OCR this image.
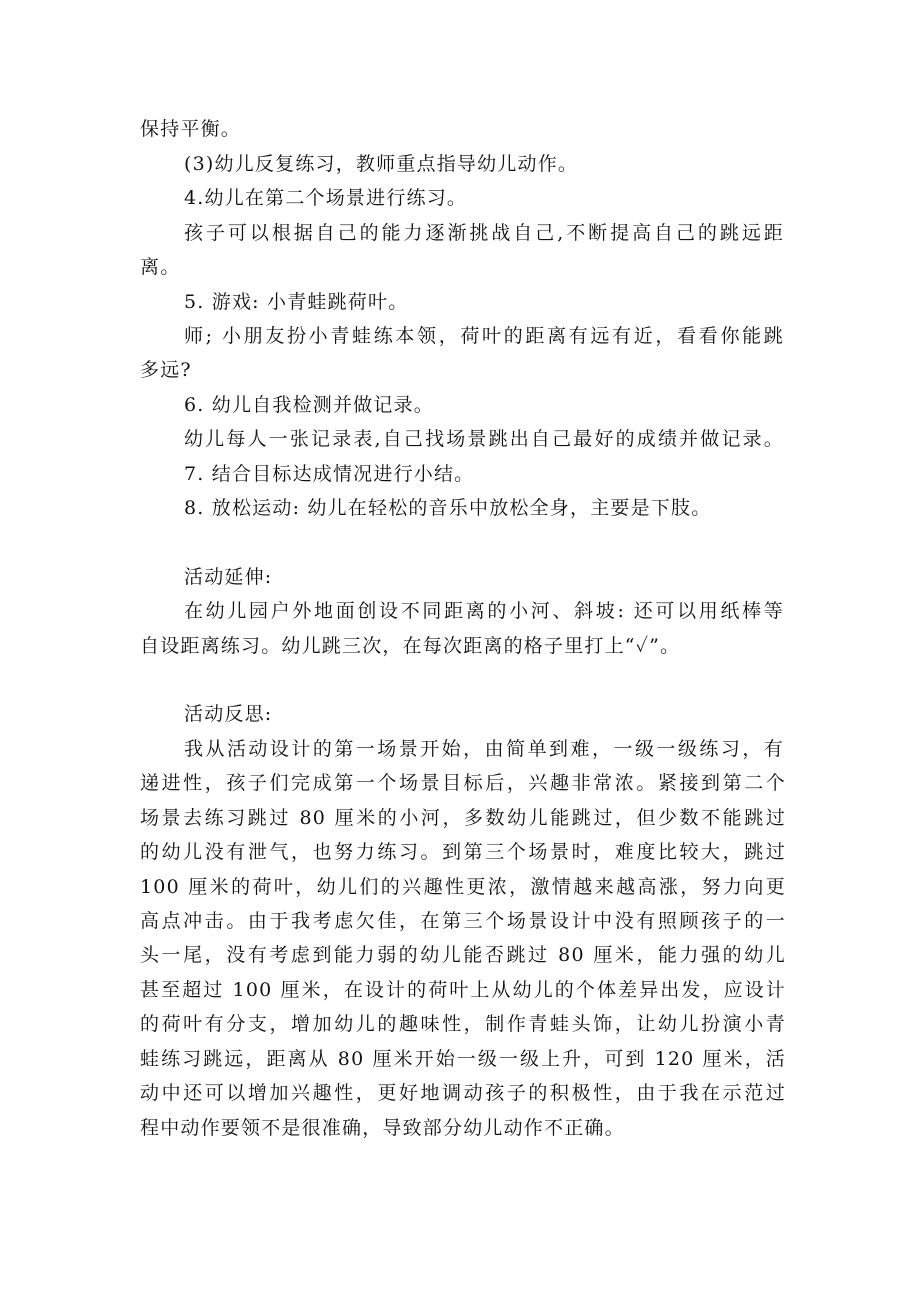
保持平衡。
(3)幼儿反复练习，教师重点指导幼儿动作。
4.幼儿在第二个场景进行练习。
孩子可以根据自己的能力逐渐挑战自己,不断提高自己的跳远距
离。
5. 游戏: 小青蛙跳荷叶。
师; 小朋友扮小青蛙练本领，荷叶的距离有远有近，看看你能跳
多远?
6. 幼儿自我检测并做记录。
幼儿每人一张记录表,自己找场景跳出自己最好的成绩并做记录。
7. 结合目标达成情况进行小结。
8. 放松运动: 幼儿在轻松的音乐中放松全身，主要是下肢。
活动延伸:
在幼儿园户外地面创设不同距离的小河、斜坡: 还可以用纸棒等
自设距离练习。幼儿跳三次，在每次距离的格子里打上“✓”。
活动反思:
我从活动设计的第一场景开始，由简单到难，一级一级练习，有
递进性，孩子们完成第一个场景目标后，兴趣非常浓。紧接到第二个
场景去练习跳过 80 厘米的小河，多数幼儿能跳过，但少数不能跳过
的幼儿没有泄气，也努力练习。到第三个场景时，难度比较大，跳过
100 厘米的荷叶，幼儿们的兴趣性更浓，激情越来越高涨，努力向更
高点冲击。由于我考虑欠佳，在第三个场景设计中没有照顾孩子的一
头一尾，没有考虑到能力弱的幼儿能否跳过 80 厘米，能力强的幼儿
甚至超过 100 厘米，在设计的荷叶上从幼儿的个体差异出发，应设计
的荷叶有分支，增加幼儿的趣味性，制作青蛙头饰，让幼儿扮演小青
蛙练习跳远，距离从 80 厘米开始一级一级上升，可到 120 厘米，活
动中还可以增加兴趣性，更好地调动孩子的积极性，由于我在示范过
程中动作要领不是很准确，导致部分幼儿动作不正确。
